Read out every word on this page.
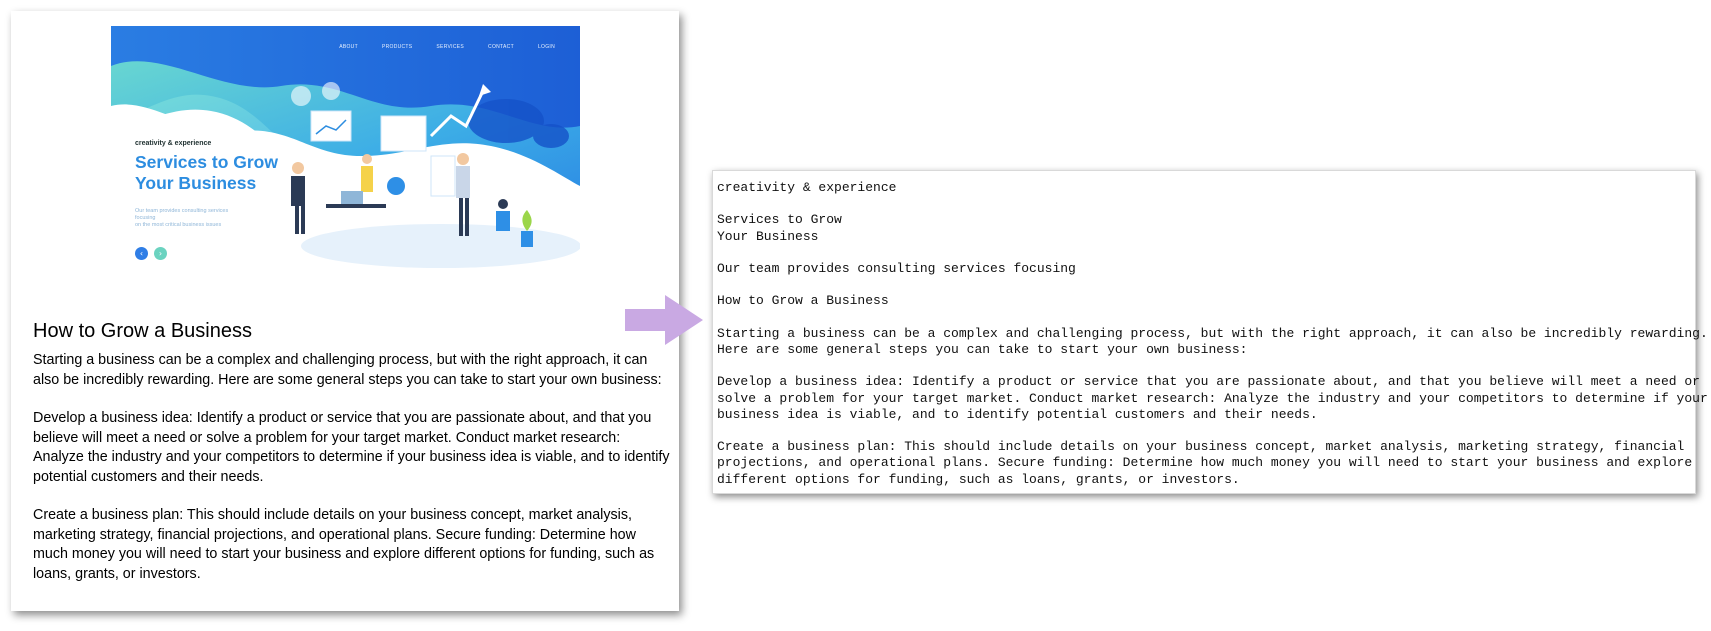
ABOUT	PRODUCTS	SERVICES	CONTACT	LOGIN
creativity & experience
Services to Grow
Your Business
Our team provides consulting services focusing
on the most critical business issues
‹	›
How to Grow a Business

Starting a business can be a complex and challenging process, but with the right approach, it can also be incredibly rewarding. Here are some general steps you can take to start your own business:

Develop a business idea: Identify a product or service that you are passionate about, and that you believe will meet a need or solve a problem for your target market. Conduct market research: Analyze the industry and your competitors to determine if your business idea is viable, and to identify potential customers and their needs.

Create a business plan: This should include details on your business concept, market analysis, marketing strategy, financial projections, and operational plans. Secure funding: Determine how much money you will need to start your business and explore different options for funding, such as loans, grants, or investors.

creativity & experience
Services to Grow
Your Business
Our team provides consulting services focusing
How to Grow a Business
Starting a business can be a complex and challenging process, but with the right approach, it can also be incredibly rewarding.
Here are some general steps you can take to start your own business:
Develop a business idea: Identify a product or service that you are passionate about, and that you believe will meet a need or
solve a problem for your target market. Conduct market research: Analyze the industry and your competitors to determine if your
business idea is viable, and to identify potential customers and their needs.
Create a business plan: This should include details on your business concept, market analysis, marketing strategy, financial
projections, and operational plans. Secure funding: Determine how much money you will need to start your business and explore
different options for funding, such as loans, grants, or investors.
